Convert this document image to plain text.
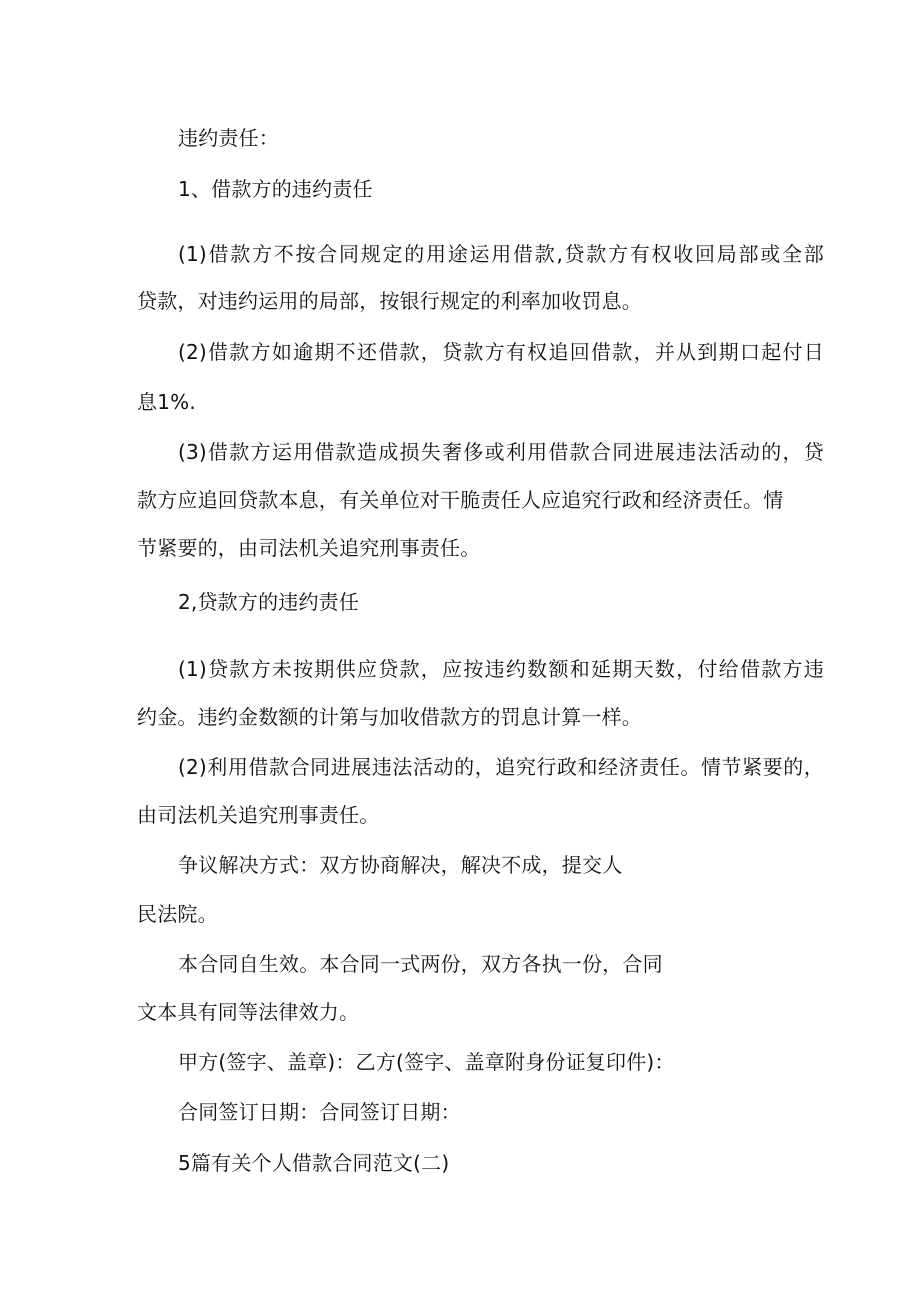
违约责任：
1、借款方的违约责任
(1)借款方不按合同规定的用途运用借款,贷款方有权收回局部或全部
贷款，对违约运用的局部，按银行规定的利率加收罚息。
(2)借款方如逾期不还借款，贷款方有权追回借款，并从到期口起付日
息1%.
(3)借款方运用借款造成损失奢侈或利用借款合同进展违法活动的，贷
款方应追回贷款本息，有关单位对干脆责任人应追究行政和经济责任。情
节紧要的，由司法机关追究刑事责任。
2,贷款方的违约责任
(1)贷款方未按期供应贷款，应按违约数额和延期天数，付给借款方违
约金。违约金数额的计第与加收借款方的罚息计算一样。
(2)利用借款合同进展违法活动的，追究行政和经济责任。情节紧要的，
由司法机关追究刑事责任。
争议解决方式：双方协商解决，解决不成，提交人
民法院。
本合同自生效。本合同一式两份，双方各执一份，合同
文本具有同等法律效力。
甲方(签字、盖章)：乙方(签字、盖章附身份证复印件)：
合同签订日期：合同签订日期：
5篇有关个人借款合同范文(二)
